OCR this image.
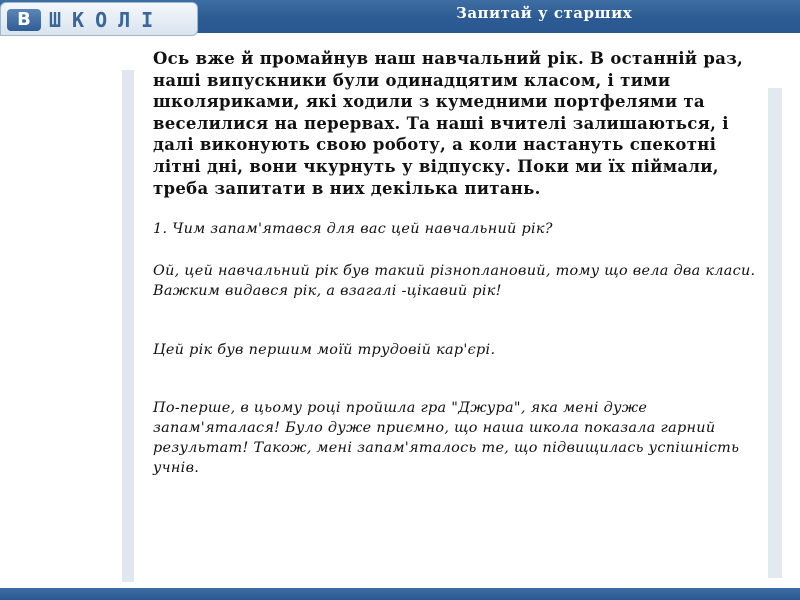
В ШКОЛІ	Запитай у старших

Ось вже й промайнув наш навчальний рік. В останній раз, наші випускники були одинадцятим класом, і тими школяриками, які ходили з кумедними портфелями та веселилися на перервах. Та наші вчителі залишаються, і далі виконують свою роботу, а коли настануть спекотні літні дні, вони чкурнуть у відпуску. Поки ми їх піймали, треба запитати в них декілька питань.

1. Чим запам'ятався для вас цей навчальний рік?

Ой, цей навчальний рік був такий різноплановий, тому що вела два класи. Важким видався рік, а взагалі -цікавий рік!

Цей рік був першим моїй трудовій кар'єрі.

По-перше, в цьому році пройшла гра "Джура", яка мені дуже запам'яталася! Було дуже приємно, що наша школа показала гарний результат! Також, мені запам'яталось те, що підвищилась успішність учнів.
